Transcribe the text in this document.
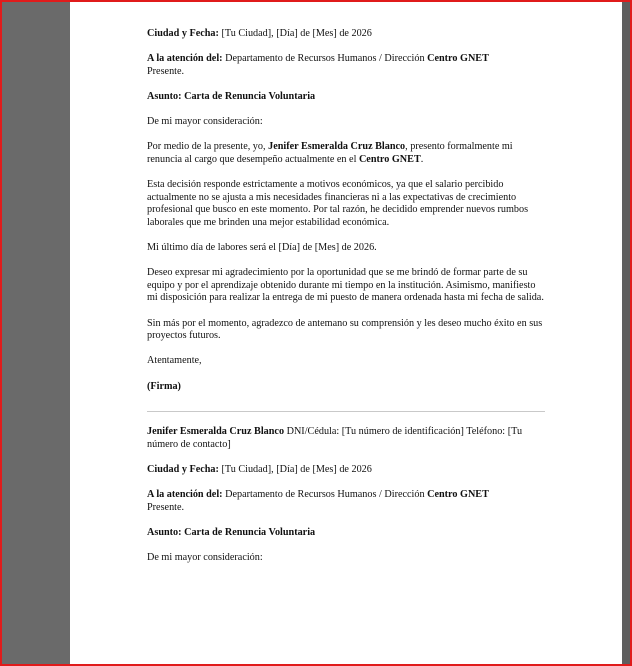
Ciudad y Fecha: [Tu Ciudad], [Día] de [Mes] de 2026

A la atención del: Departamento de Recursos Humanos / Dirección Centro GNET
Presente.

Asunto: Carta de Renuncia Voluntaria

De mi mayor consideración:

Por medio de la presente, yo, Jenifer Esmeralda Cruz Blanco, presento formalmente mi renuncia al cargo que desempeño actualmente en el Centro GNET.

Esta decisión responde estrictamente a motivos económicos, ya que el salario percibido actualmente no se ajusta a mis necesidades financieras ni a las expectativas de crecimiento profesional que busco en este momento. Por tal razón, he decidido emprender nuevos rumbos laborales que me brinden una mejor estabilidad económica.

Mi último día de labores será el [Día] de [Mes] de 2026.

Deseo expresar mi agradecimiento por la oportunidad que se me brindó de formar parte de su equipo y por el aprendizaje obtenido durante mi tiempo en la institución. Asimismo, manifiesto mi disposición para realizar la entrega de mi puesto de manera ordenada hasta mi fecha de salida.

Sin más por el momento, agradezco de antemano su comprensión y les deseo mucho éxito en sus proyectos futuros.

Atentamente,

(Firma)

Jenifer Esmeralda Cruz Blanco DNI/Cédula: [Tu número de identificación] Teléfono: [Tu número de contacto]

Ciudad y Fecha: [Tu Ciudad], [Día] de [Mes] de 2026

A la atención del: Departamento de Recursos Humanos / Dirección Centro GNET
Presente.

Asunto: Carta de Renuncia Voluntaria

De mi mayor consideración:
